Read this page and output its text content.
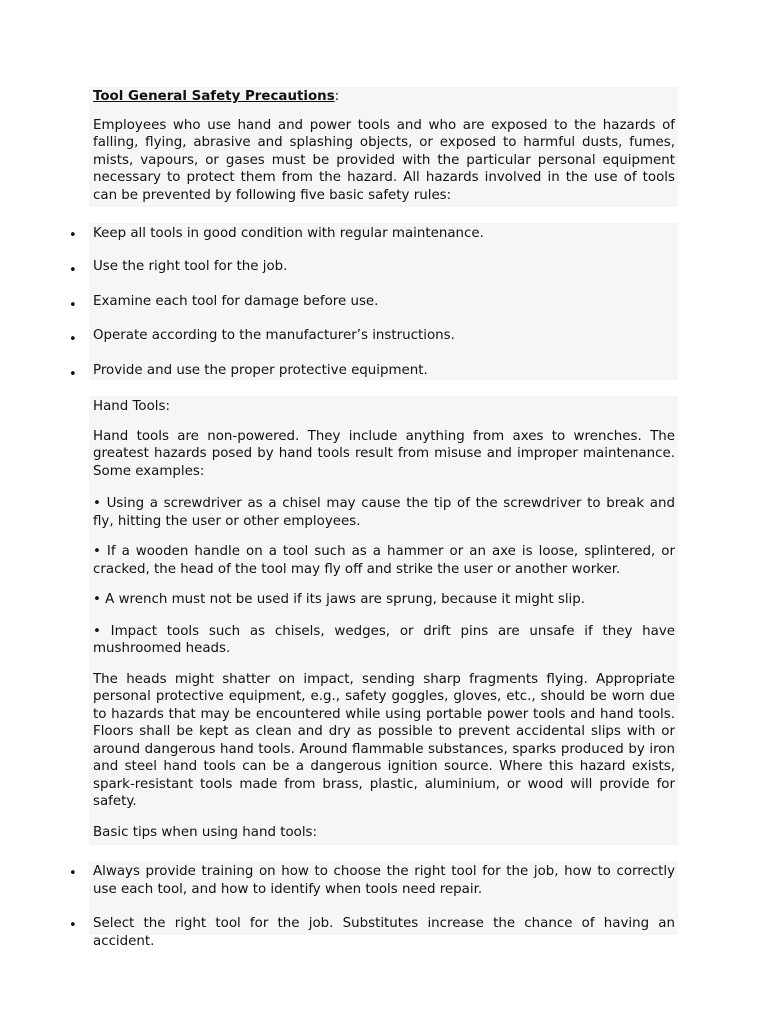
Tool General Safety Precautions:

Employees who use hand and power tools and who are exposed to the hazards of falling, flying, abrasive and splashing objects, or exposed to harmful dusts, fumes, mists, vapours, or gases must be provided with the particular personal equipment necessary to protect them from the hazard. All hazards involved in the use of tools can be prevented by following five basic safety rules:

• Keep all tools in good condition with regular maintenance.

• Use the right tool for the job.

• Examine each tool for damage before use.

• Operate according to the manufacturer’s instructions.

• Provide and use the proper protective equipment.

Hand Tools:

Hand tools are non-powered. They include anything from axes to wrenches. The greatest hazards posed by hand tools result from misuse and improper maintenance. Some examples:

• Using a screwdriver as a chisel may cause the tip of the screwdriver to break and fly, hitting the user or other employees.

• If a wooden handle on a tool such as a hammer or an axe is loose, splintered, or cracked, the head of the tool may fly off and strike the user or another worker.

• A wrench must not be used if its jaws are sprung, because it might slip.

• Impact tools such as chisels, wedges, or drift pins are unsafe if they have mushroomed heads.

The heads might shatter on impact, sending sharp fragments flying. Appropriate personal protective equipment, e.g., safety goggles, gloves, etc., should be worn due to hazards that may be encountered while using portable power tools and hand tools. Floors shall be kept as clean and dry as possible to prevent accidental slips with or around dangerous hand tools. Around flammable substances, sparks produced by iron and steel hand tools can be a dangerous ignition source. Where this hazard exists, spark-resistant tools made from brass, plastic, aluminium, or wood will provide for safety.

Basic tips when using hand tools:

• Always provide training on how to choose the right tool for the job, how to correctly use each tool, and how to identify when tools need repair.

• Select the right tool for the job. Substitutes increase the chance of having an accident.
